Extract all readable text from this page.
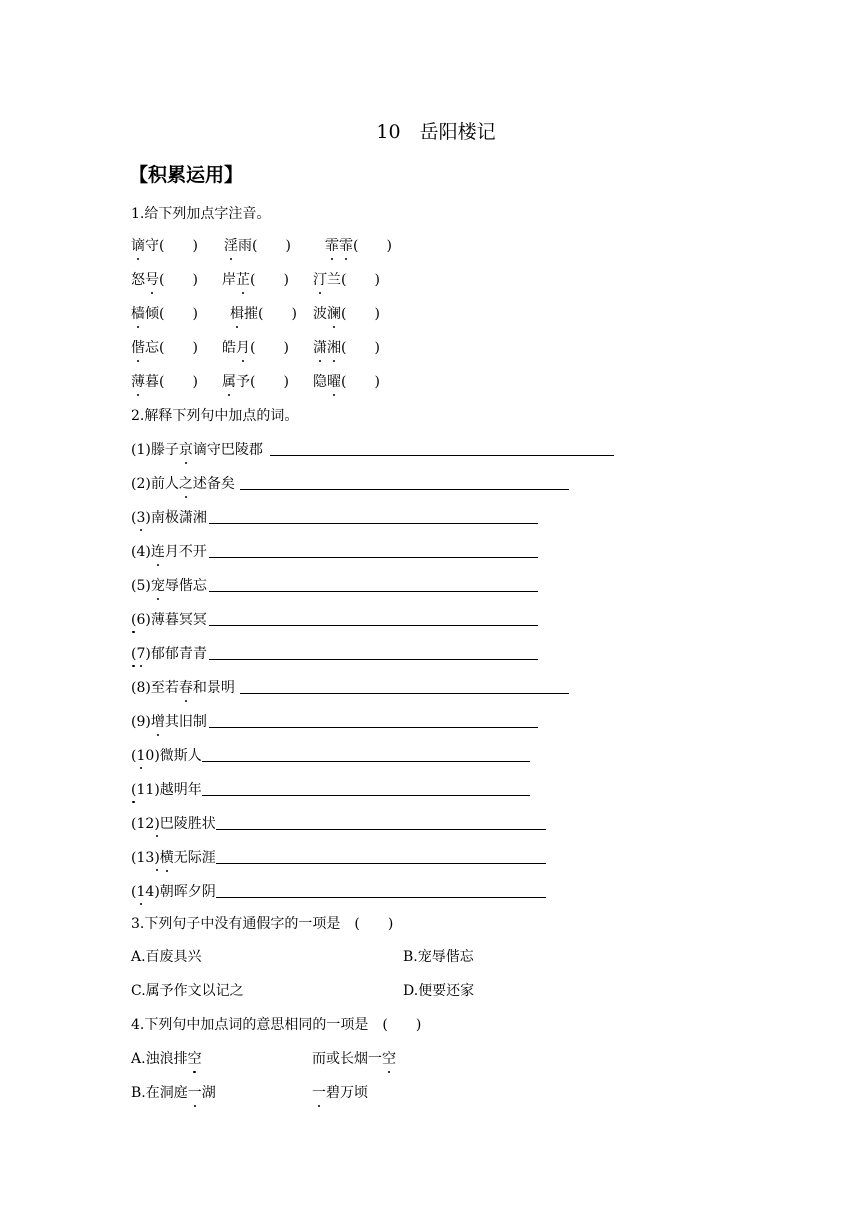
10　岳阳楼记
【积累运用】
1.给下列加点字注音。
2.解释下列句中加点的词。
3.下列句子中没有通假字的一项是　(　　)
A.百废具兴	B.宠辱偕忘
C.属予作文以记之	D.便要还家
4.下列句中加点词的意思相同的一项是　(　　)
谪守(　　 ) 淫雨(　　 ) 霏霏(　　 )
怒号(　　 ) 岸芷(　　 ) 汀兰(　　 )
樯倾(　　 ) 楫摧(　　 ) 波澜(　　 )
偕忘(　　 ) 皓月(　　 ) 潇湘(　　 )
薄暮(　　 ) 属予(　　 ) 隐曜(　　 )
(1)滕子京谪守巴陵郡
(2)前人之述备矣
(3)南极潇湘
(4)连月不开
(5)宠辱偕忘
(6)薄暮冥冥
(7)郁郁青青
(8)至若春和景明
(9)增其旧制
(10)微斯人
(11)越明年
(12)巴陵胜状
(13)横无际涯
(14)朝晖夕阴
A.浊浪排空	而或长烟一空
B.在洞庭一湖	一碧万顷
